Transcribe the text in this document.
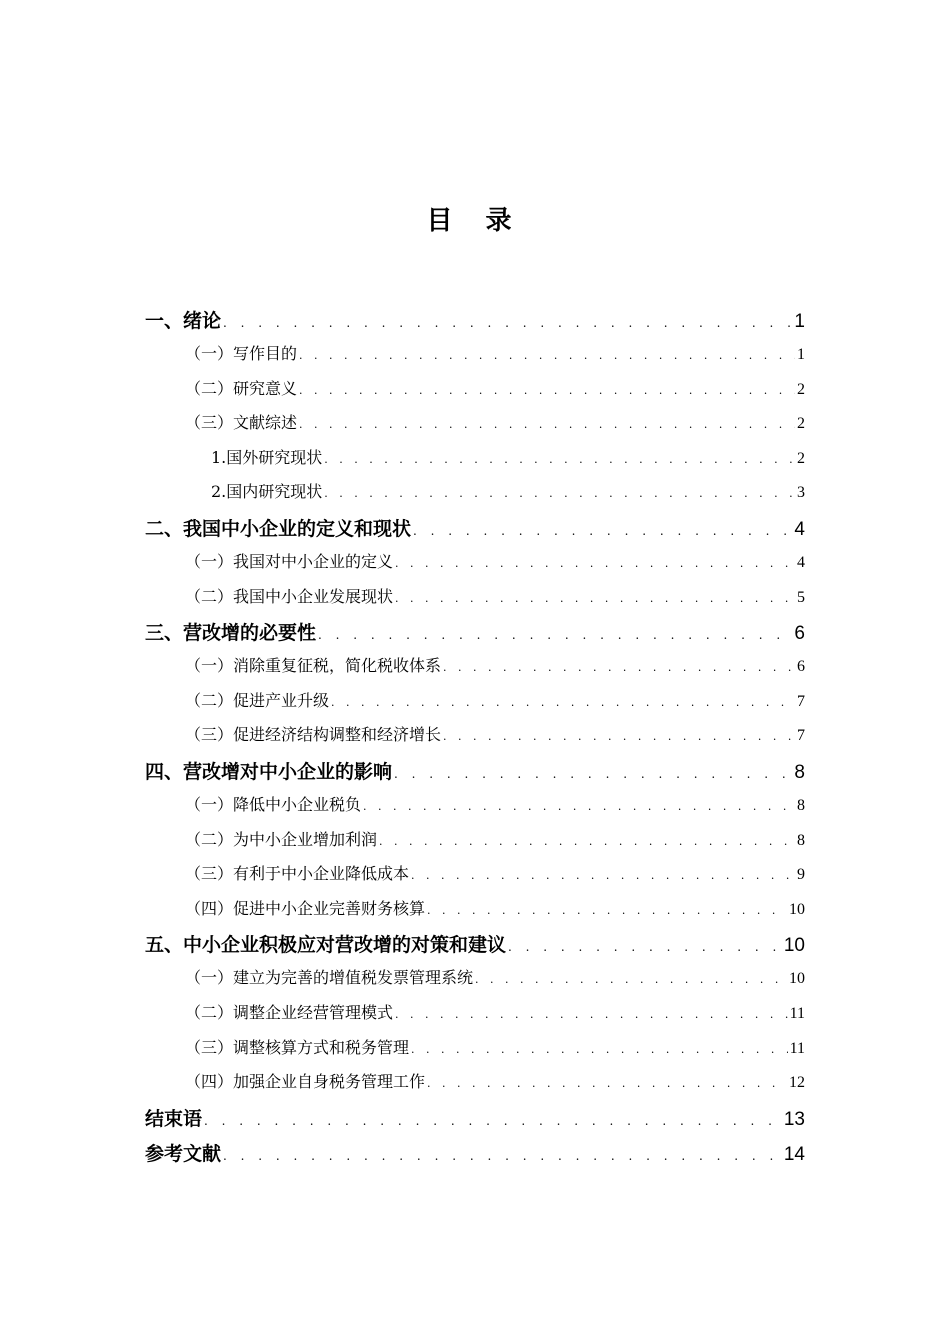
目 录
一、绪论 . . .	1
（一）写作目的 . . .	1
（二）研究意义 . . .	2
（三）文献综述 . . .	2
1.国外研究现状 . . .	2
2.国内研究现状 . . .	3
二、我国中小企业的定义和现状 . . .	4
（一）我国对中小企业的定义 . . .	4
（二）我国中小企业发展现状 . . .	5
三、营改增的必要性 . . .	6
（一）消除重复征税，简化税收体系 . . .	6
（二）促进产业升级 . . .	7
（三）促进经济结构调整和经济增长 . . .	7
四、营改增对中小企业的影响 . . .	8
（一）降低中小企业税负 . . .	8
（二）为中小企业增加利润 . . .	8
（三）有利于中小企业降低成本 . . .	9
（四）促进中小企业完善财务核算 . . .	10
五、中小企业积极应对营改增的对策和建议 . . .	10
（一）建立为完善的增值税发票管理系统 . . .	10
（二）调整企业经营管理模式 . . .	11
（三）调整核算方式和税务管理 . . .	11
（四）加强企业自身税务管理工作 . . .	12
结束语 . . .	13
参考文献 . . .	14
